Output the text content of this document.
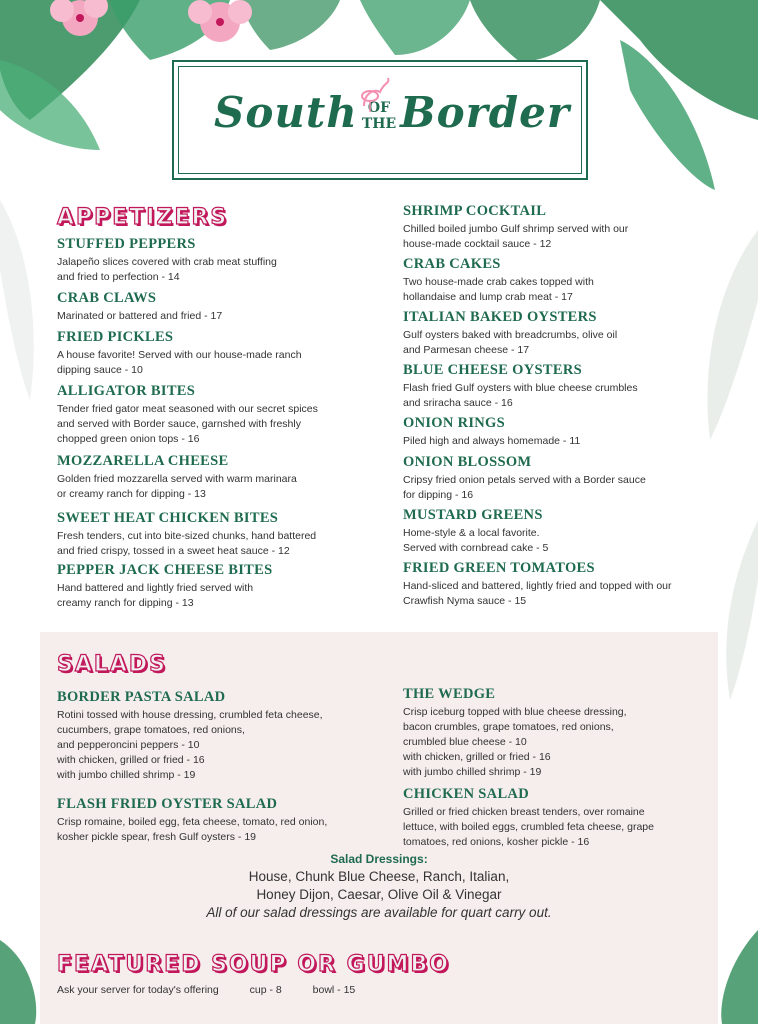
South OF
THEBorder
APPETIZERS
STUFFED PEPPERS
Jalapeño slices covered with crab meat stuffing
and fried to perfection - 14
CRAB CLAWS
Marinated or battered and fried - 17
FRIED PICKLES
A house favorite! Served with our house-made ranch
dipping sauce - 10
ALLIGATOR BITES
Tender fried gator meat seasoned with our secret spices
and served with Border sauce, garnshed with freshly
chopped green onion tops - 16
MOZZARELLA CHEESE
Golden fried mozzarella served with warm marinara
or creamy ranch for dipping - 13
SWEET HEAT CHICKEN BITES
Fresh tenders, cut into bite-sized chunks, hand battered
and fried crispy, tossed in a sweet heat sauce - 12
PEPPER JACK CHEESE BITES
Hand battered and lightly fried served with
creamy ranch for dipping - 13
SHRIMP COCKTAIL
Chilled boiled jumbo Gulf shrimp served with our
house-made cocktail sauce - 12
CRAB CAKES
Two house-made crab cakes topped with
hollandaise and lump crab meat - 17
ITALIAN BAKED OYSTERS
Gulf oysters baked with breadcrumbs, olive oil
and Parmesan cheese - 17
BLUE CHEESE OYSTERS
Flash fried Gulf oysters with blue cheese crumbles
and sriracha sauce - 16
ONION RINGS
Piled high and always homemade - 11
ONION BLOSSOM
Cripsy fried onion petals served with a Border sauce
for dipping - 16
MUSTARD GREENS
Home-style & a local favorite.
Served with cornbread cake - 5
FRIED GREEN TOMATOES
Hand-sliced and battered, lightly fried and topped with our
Crawfish Nyma sauce - 15
SALADS
BORDER PASTA SALAD
Rotini tossed with house dressing, crumbled feta cheese,
cucumbers, grape tomatoes, red onions,
and pepperoncini peppers - 10
with chicken, grilled or fried - 16
with jumbo chilled shrimp - 19
FLASH FRIED OYSTER SALAD
Crisp romaine, boiled egg, feta cheese, tomato, red onion,
kosher pickle spear, fresh Gulf oysters - 19
THE WEDGE
Crisp iceburg topped with blue cheese dressing,
bacon crumbles, grape tomatoes, red onions,
crumbled blue cheese - 10
with chicken, grilled or fried - 16
with jumbo chilled shrimp - 19
CHICKEN SALAD
Grilled or fried chicken breast tenders, over romaine
lettuce, with boiled eggs, crumbled feta cheese, grape
tomatoes, red onions, kosher pickle - 16
Salad Dressings:
House, Chunk Blue Cheese, Ranch, Italian,
Honey Dijon, Caesar, Olive Oil & Vinegar
All of our salad dressings are available for quart carry out.
FEATURED SOUP OR GUMBO
Ask your server for today's offering	cup - 8	bowl - 15
